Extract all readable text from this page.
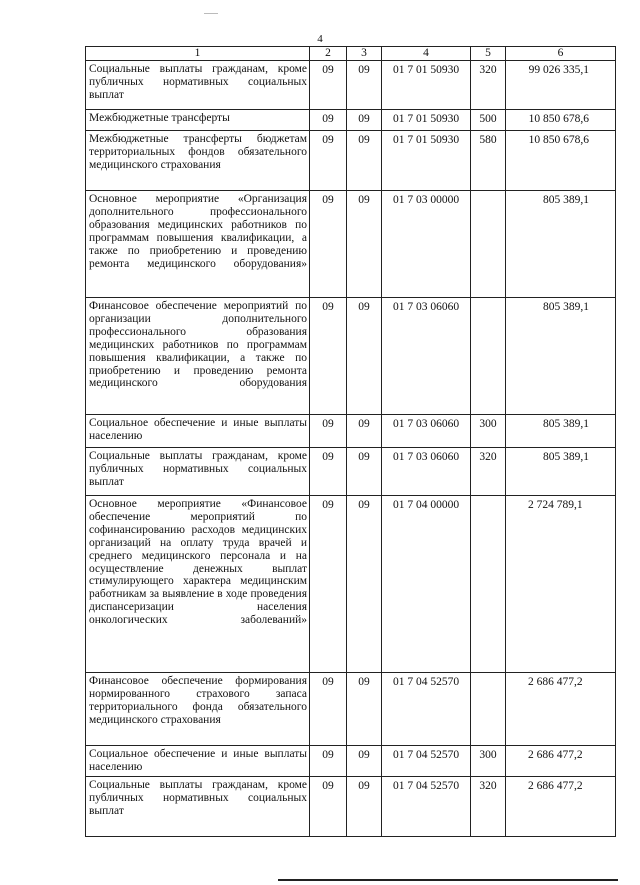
4
1	2	3	4	5	6
Социальные выплаты гражданам, кроме публичных нормативных социальных выплат	09	09	01 7 01 50930	320	99 026 335,1
Межбюджетные трансферты	09	09	01 7 01 50930	500	10 850 678,6
Межбюджетные трансферты бюджетам территориальных фондов обязательного медицинского страхования	09	09	01 7 01 50930	580	10 850 678,6
Основное мероприятие «Организация дополнительного профессионального образования медицинских работников по программам повышения квалификации, а также по приобретению и проведению ремонта медицинского оборудования»	09	09	01 7 03 00000		805 389,1
Финансовое обеспечение мероприятий по организации дополнительного профессионального образования медицинских работников по программам повышения квалификации, а также по приобретению и проведению ремонта медицинского оборудования	09	09	01 7 03 06060		805 389,1
Социальное обеспечение и иные выплаты населению	09	09	01 7 03 06060	300	805 389,1
Социальные выплаты гражданам, кроме публичных нормативных социальных выплат	09	09	01 7 03 06060	320	805 389,1
Основное мероприятие «Финансовое обеспечение мероприятий по софинансированию расходов медицинских организаций на оплату труда врачей и среднего медицинского персонала и на осуществление денежных выплат стимулирующего характера медицинским работникам за выявление в ходе проведения диспансеризации населения онкологических заболеваний»	09	09	01 7 04 00000		2 724 789,1
Финансовое обеспечение формирования нормированного страхового запаса территориального фонда обязательного медицинского страхования	09	09	01 7 04 52570		2 686 477,2
Социальное обеспечение и иные выплаты населению	09	09	01 7 04 52570	300	2 686 477,2
Социальные выплаты гражданам, кроме публичных нормативных социальных выплат	09	09	01 7 04 52570	320	2 686 477,2
